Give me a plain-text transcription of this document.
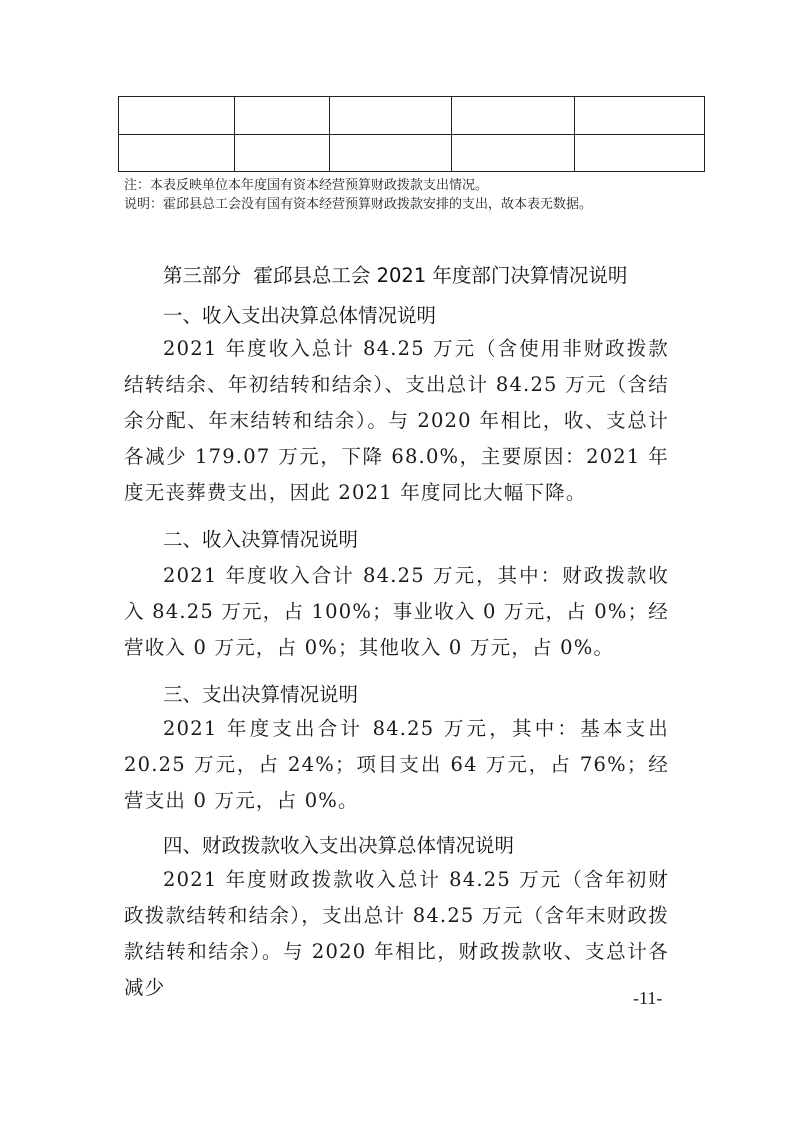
注：本表反映单位本年度国有资本经营预算财政拨款支出情况。
说明：霍邱县总工会没有国有资本经营预算财政拨款安排的支出，故本表无数据。
第三部分  霍邱县总工会 2021 年度部门决算情况说明
一、收入支出决算总体情况说明
2021 年度收入总计 84.25 万元（含使用非财政拨款结转结余、年初结转和结余）、支出总计 84.25 万元（含结余分配、年末结转和结余）。与 2020 年相比，收、支总计各减少 179.07 万元，下降 68.0%，主要原因：2021 年度无丧葬费支出，因此 2021 年度同比大幅下降。
二、收入决算情况说明
2021 年度收入合计 84.25 万元，其中：财政拨款收入 84.25 万元，占 100%；事业收入 0 万元，占 0%；经营收入 0 万元，占 0%；其他收入 0 万元，占 0%。
三、支出决算情况说明
2021 年度支出合计 84.25 万元，其中：基本支出 20.25 万元，占 24%；项目支出 64 万元，占 76%；经营支出 0 万元，占 0%。
四、财政拨款收入支出决算总体情况说明
2021 年度财政拨款收入总计 84.25 万元（含年初财政拨款结转和结余），支出总计 84.25 万元（含年末财政拨款结转和结余）。与 2020 年相比，财政拨款收、支总计各减少	-11-
